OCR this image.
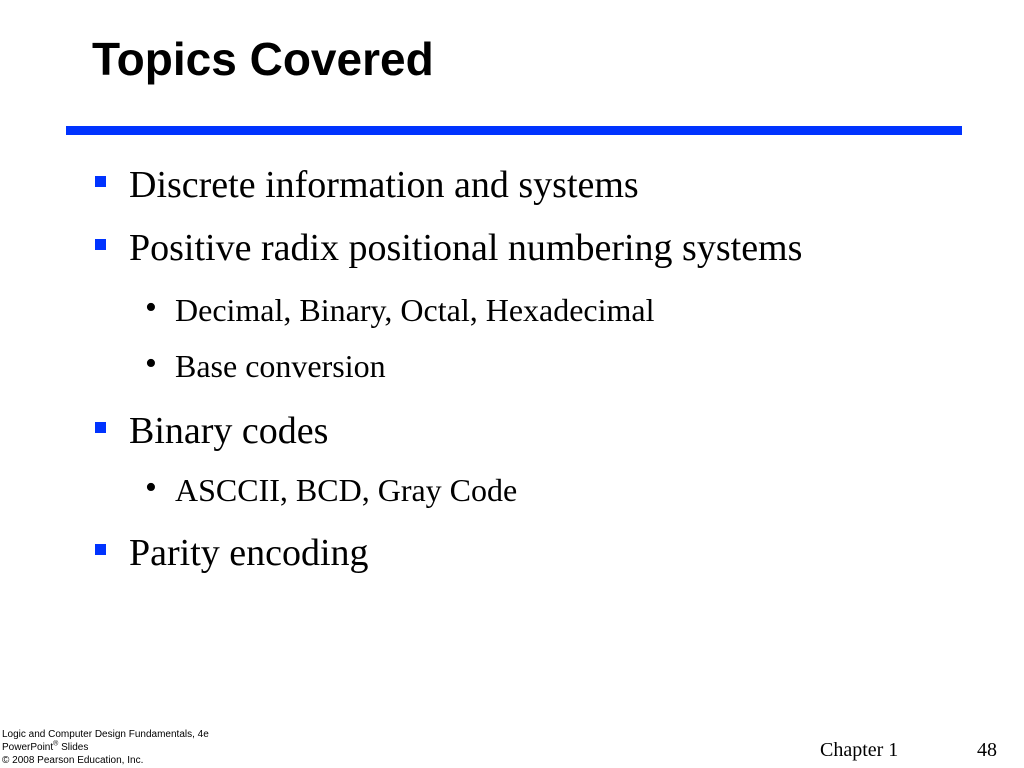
Topics Covered
Discrete information and systems
Positive radix positional numbering systems
• Decimal, Binary, Octal, Hexadecimal
• Base conversion
Binary codes
• ASCCII, BCD, Gray Code
Parity encoding
Logic and Computer Design Fundamentals, 4e
PowerPoint® Slides
© 2008 Pearson Education, Inc.	Chapter 1	48
